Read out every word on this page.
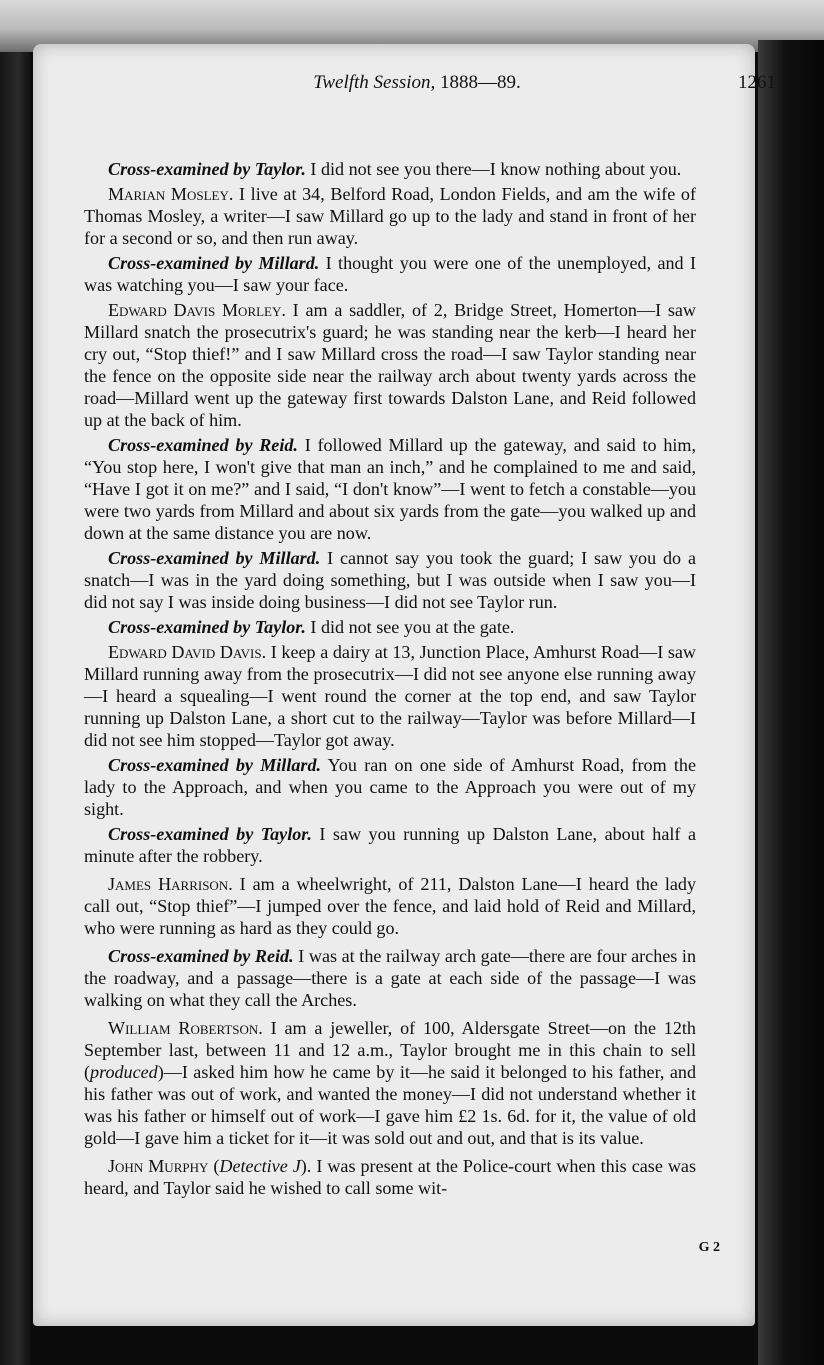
Twelfth Session, 1888—89.	1261

Cross-examined by Taylor. I did not see you there—I know nothing about you.

Marian Mosley. I live at 34, Belford Road, London Fields, and am the wife of Thomas Mosley, a writer—I saw Millard go up to the lady and stand in front of her for a second or so, and then run away.

Cross-examined by Millard. I thought you were one of the unemployed, and I was watching you—I saw your face.

Edward Davis Morley. I am a saddler, of 2, Bridge Street, Homerton—I saw Millard snatch the prosecutrix's guard; he was standing near the kerb—I heard her cry out, “Stop thief!” and I saw Millard cross the road—I saw Taylor standing near the fence on the opposite side near the railway arch about twenty yards across the road—Millard went up the gateway first towards Dalston Lane, and Reid followed up at the back of him.

Cross-examined by Reid. I followed Millard up the gateway, and said to him, “You stop here, I won't give that man an inch,” and he complained to me and said, “Have I got it on me?” and I said, “I don't know”—I went to fetch a constable—you were two yards from Millard and about six yards from the gate—you walked up and down at the same distance you are now.

Cross-examined by Millard. I cannot say you took the guard; I saw you do a snatch—I was in the yard doing something, but I was outside when I saw you—I did not say I was inside doing business—I did not see Taylor run.

Cross-examined by Taylor. I did not see you at the gate.

Edward David Davis. I keep a dairy at 13, Junction Place, Amhurst Road—I saw Millard running away from the prosecutrix—I did not see anyone else running away—I heard a squealing—I went round the corner at the top end, and saw Taylor running up Dalston Lane, a short cut to the railway—Taylor was before Millard—I did not see him stopped—Taylor got away.

Cross-examined by Millard. You ran on one side of Amhurst Road, from the lady to the Approach, and when you came to the Approach you were out of my sight.

Cross-examined by Taylor. I saw you running up Dalston Lane, about half a minute after the robbery.

James Harrison. I am a wheelwright, of 211, Dalston Lane—I heard the lady call out, “Stop thief”—I jumped over the fence, and laid hold of Reid and Millard, who were running as hard as they could go.

Cross-examined by Reid. I was at the railway arch gate—there are four arches in the roadway, and a passage—there is a gate at each side of the passage—I was walking on what they call the Arches.

William Robertson. I am a jeweller, of 100, Aldersgate Street—on the 12th September last, between 11 and 12 a.m., Taylor brought me in this chain to sell (produced)—I asked him how he came by it—he said it belonged to his father, and his father was out of work, and wanted the money—I did not understand whether it was his father or himself out of work—I gave him £2 1s. 6d. for it, the value of old gold—I gave him a ticket for it—it was sold out and out, and that is its value.

John Murphy (Detective J). I was present at the Police-court when this case was heard, and Taylor said he wished to call some wit-

G 2
